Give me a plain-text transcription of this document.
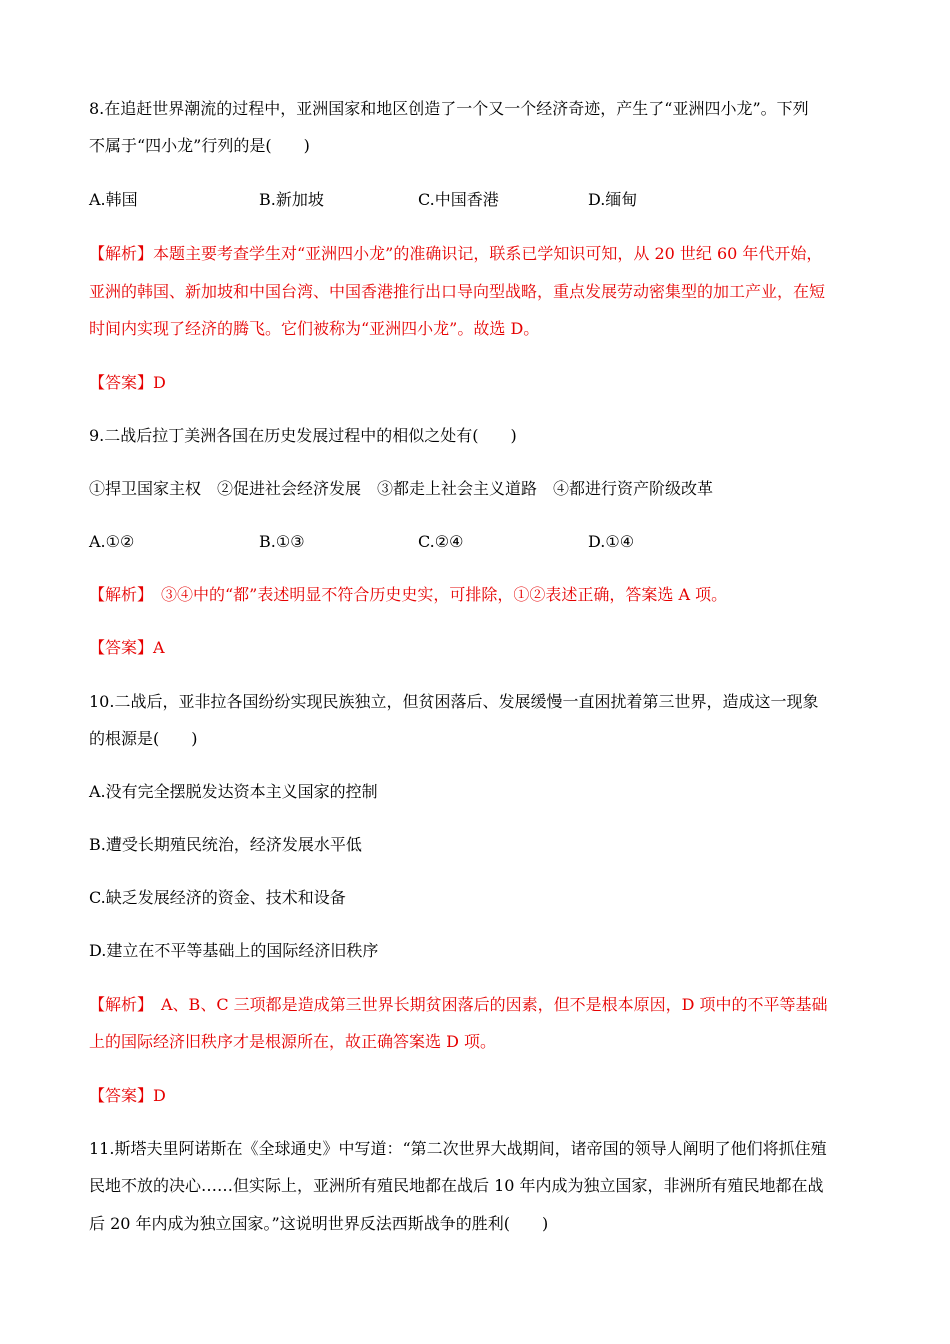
8.在追赶世界潮流的过程中，亚洲国家和地区创造了一个又一个经济奇迹，产生了“亚洲四小龙”。下列
不属于“四小龙”行列的是(　　)
A.韩国	B.新加坡	C.中国香港	D.缅甸
【解析】本题主要考查学生对“亚洲四小龙”的准确识记，联系已学知识可知，从 20 世纪 60 年代开始，
亚洲的韩国、新加坡和中国台湾、中国香港推行出口导向型战略，重点发展劳动密集型的加工产业，在短
时间内实现了经济的腾飞。它们被称为“亚洲四小龙”。故选 D。
【答案】D
9.二战后拉丁美洲各国在历史发展过程中的相似之处有(　　)
①捍卫国家主权　②促进社会经济发展　③都走上社会主义道路　④都进行资产阶级改革
A.①②	B.①③	C.②④	D.①④
【解析】　③④中的“都”表述明显不符合历史史实，可排除，①②表述正确，答案选 A 项。
【答案】A
10.二战后，亚非拉各国纷纷实现民族独立，但贫困落后、发展缓慢一直困扰着第三世界，造成这一现象
的根源是(　　)
A.没有完全摆脱发达资本主义国家的控制
B.遭受长期殖民统治，经济发展水平低
C.缺乏发展经济的资金、技术和设备
D.建立在不平等基础上的国际经济旧秩序
【解析】　A、B、C 三项都是造成第三世界长期贫困落后的因素，但不是根本原因，D 项中的不平等基础
上的国际经济旧秩序才是根源所在，故正确答案选 D 项。
【答案】D
11.斯塔夫里阿诺斯在《全球通史》中写道：“第二次世界大战期间，诸帝国的领导人阐明了他们将抓住殖
民地不放的决心……但实际上，亚洲所有殖民地都在战后 10 年内成为独立国家，非洲所有殖民地都在战
后 20 年内成为独立国家。”这说明世界反法西斯战争的胜利(　　)
